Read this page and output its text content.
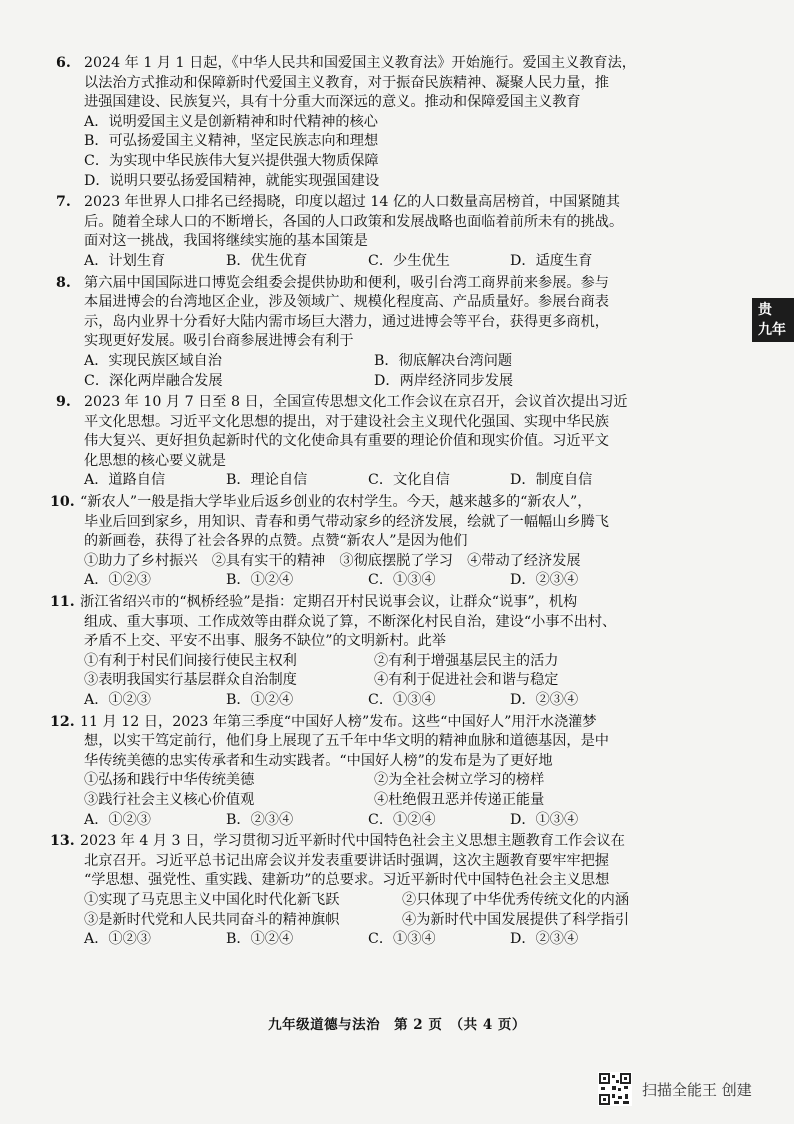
6. 2024 年 1 月 1 日起，《中华人民共和国爱国主义教育法》开始施行。爱国主义教育法，
以法治方式推动和保障新时代爱国主义教育，对于振奋民族精神、凝聚人民力量，推
进强国建设、民族复兴，具有十分重大而深远的意义。推动和保障爱国主义教育
A．说明爱国主义是创新精神和时代精神的核心
B．可弘扬爱国主义精神，坚定民族志向和理想
C．为实现中华民族伟大复兴提供强大物质保障
D．说明只要弘扬爱国精神，就能实现强国建设
7. 2023 年世界人口排名已经揭晓，印度以超过 14 亿的人口数量高居榜首，中国紧随其
后。随着全球人口的不断增长，各国的人口政策和发展战略也面临着前所未有的挑战。
面对这一挑战，我国将继续实施的基本国策是
A．计划生育	B．优生优育	C．少生优生	D．适度生育
8. 第六届中国国际进口博览会组委会提供协助和便利，吸引台湾工商界前来参展。参与
本届进博会的台湾地区企业，涉及领域广、规模化程度高、产品质量好。参展台商表
示，岛内业界十分看好大陆内需市场巨大潜力，通过进博会等平台，获得更多商机，
实现更好发展。吸引台商参展进博会有利于
A．实现民族区域自治	B．彻底解决台湾问题
C．深化两岸融合发展	D．两岸经济同步发展
9. 2023 年 10 月 7 日至 8 日，全国宣传思想文化工作会议在京召开，会议首次提出习近
平文化思想。习近平文化思想的提出，对于建设社会主义现代化强国、实现中华民族
伟大复兴、更好担负起新时代的文化使命具有重要的理论价值和现实价值。习近平文
化思想的核心要义就是
A．道路自信	B．理论自信	C．文化自信	D．制度自信
10. “新农人”一般是指大学毕业后返乡创业的农村学生。今天，越来越多的“新农人”，
毕业后回到家乡，用知识、青春和勇气带动家乡的经济发展，绘就了一幅幅山乡腾飞
的新画卷，获得了社会各界的点赞。点赞“新农人”是因为他们
①助力了乡村振兴　②具有实干的精神　③彻底摆脱了学习　④带动了经济发展
A．①②③	B．①②④	C．①③④	D．②③④
11. 浙江省绍兴市的“枫桥经验”是指：定期召开村民说事会议，让群众“说事”，机构
组成、重大事项、工作成效等由群众说了算，不断深化村民自治，建设“小事不出村、
矛盾不上交、平安不出事、服务不缺位”的文明新村。此举
①有利于村民们间接行使民主权利	②有利于增强基层民主的活力
③表明我国实行基层群众自治制度	④有利于促进社会和谐与稳定
A．①②③	B．①②④	C．①③④	D．②③④
12. 11 月 12 日，2023 年第三季度“中国好人榜”发布。这些“中国好人”用汗水浇灌梦
想，以实干笃定前行，他们身上展现了五千年中华文明的精神血脉和道德基因，是中
华传统美德的忠实传承者和生动实践者。“中国好人榜”的发布是为了更好地
①弘扬和践行中华传统美德	②为全社会树立学习的榜样
③践行社会主义核心价值观	④杜绝假丑恶并传递正能量
A．①②③	B．②③④	C．①②④	D．①③④
13. 2023 年 4 月 3 日，学习贯彻习近平新时代中国特色社会主义思想主题教育工作会议在
北京召开。习近平总书记出席会议并发表重要讲话时强调，这次主题教育要牢牢把握
“学思想、强党性、重实践、建新功”的总要求。习近平新时代中国特色社会主义思想
①实现了马克思主义中国化时代化新飞跃	②只体现了中华优秀传统文化的内涵
③是新时代党和人民共同奋斗的精神旗帜	④为新时代中国发展提供了科学指引
A．①②③	B．①②④	C．①③④	D．②③④
贵
九年
九年级道德与法治　第 2 页　（共 4 页）
扫描全能王 创建
